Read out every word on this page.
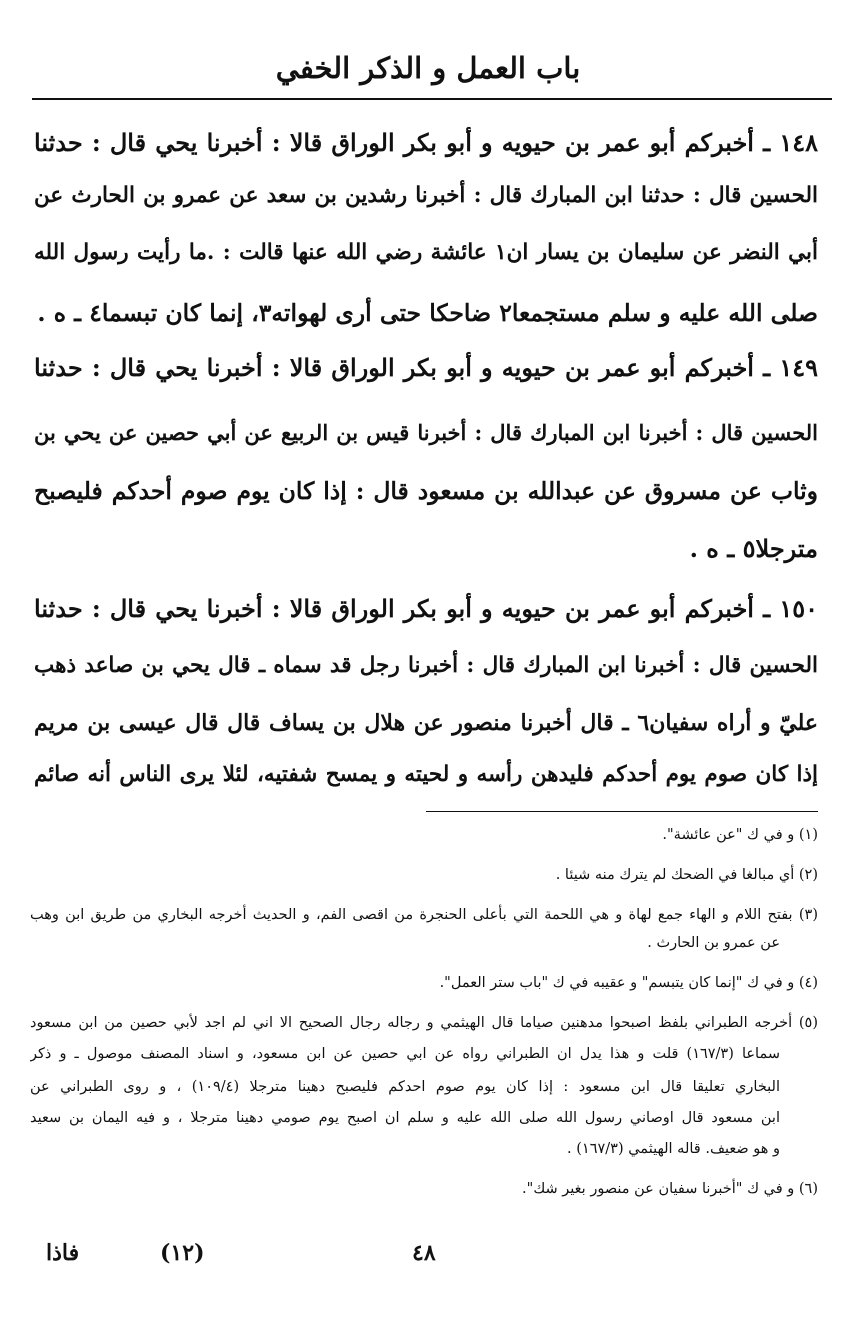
باب العمل و الذكر الخفي
١٤٨ ـ أخبركم أبو عمر بن حيويه و أبو بكر الوراق قالا : أخبرنا يحي قال : حدثنا
الحسين قال : حدثنا ابن المبارك قال : أخبرنا رشدين بن سعد عن عمرو بن الحارث عن
أبي النضر عن سليمان بن يسار ان١ عائشة رضي الله عنها قالت : .ما رأيت رسول الله
صلى الله عليه و سلم مستجمعا٢ ضاحكا حتى أرى لهواته٣، إنما كان تبسما٤ ـ ه .
١٤٩ ـ أخبركم أبو عمر بن حيويه و أبو بكر الوراق قالا : أخبرنا يحي قال : حدثنا
الحسين قال : أخبرنا ابن المبارك قال : أخبرنا قيس بن الربيع عن أبي حصين عن يحي بن
وثاب عن مسروق عن عبدالله بن مسعود قال : إذا كان يوم صوم أحدكم فليصبح
مترجلا٥ ـ ه .
١٥٠ ـ أخبركم أبو عمر بن حيويه و أبو بكر الوراق قالا : أخبرنا يحي قال : حدثنا
الحسين قال : أخبرنا ابن المبارك قال : أخبرنا رجل قد سماه ـ قال يحي بن صاعد ذهب
عليّ و أراه سفيان٦ ـ قال أخبرنا منصور عن هلال بن يساف قال قال عيسى بن مريم
إذا كان صوم يوم أحدكم فليدهن رأسه و لحيته و يمسح شفتيه، لئلا يرى الناس أنه صائم
(١) و في ك "عن عائشة".
(٢) أي مبالغا في الضحك لم يترك منه شيئا .
(٣) بفتح اللام و الهاء جمع لهاة و هي اللحمة التي بأعلى الحنجرة من اقصى الفم، و الحديث أخرجه البخاري من طريق ابن وهب
عن عمرو بن الحارث .
(٤) و في ك "إنما كان يتبسم" و عقيبه في ك "باب ستر العمل".
(٥) أخرجه الطبراني بلفظ اصبحوا مدهنين صياما قال الهيثمي و رجاله رجال الصحيح الا اني لم اجد لأبي حصين من ابن مسعود
سماعا (١٦٧/٣) قلت و هذا يدل ان الطبراني رواه عن ابي حصين عن ابن مسعود، و اسناد المصنف موصول ـ و ذكر
البخاري تعليقا قال ابن مسعود : إذا كان يوم صوم احدكم فليصبح دهينا مترجلا (١٠٩/٤) ، و روى الطبراني عن
ابن مسعود قال اوصاني رسول الله صلى الله عليه و سلم ان اصبح يوم صومي دهينا مترجلا ، و فيه اليمان بن سعيد
و هو ضعيف. قاله الهيثمي (١٦٧/٣) .
(٦) و في ك "أخبرنا سفيان عن منصور بغير شك".
٤٨
(١٢)
فاذا
